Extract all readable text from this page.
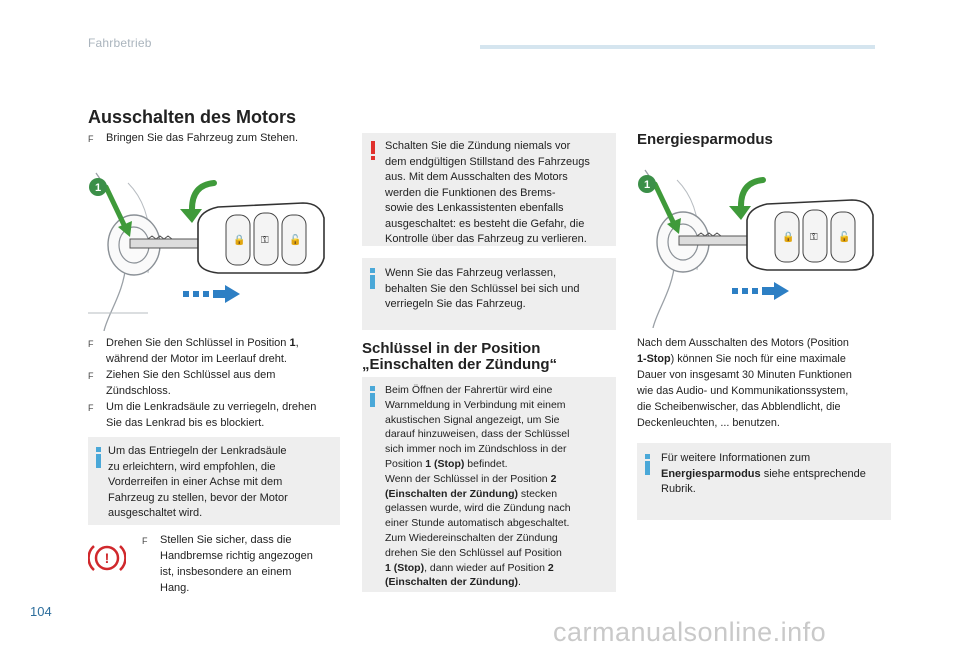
Fahrbetrieb
Ausschalten des Motors
F	Bringen Sie das Fahrzeug zum Stehen.
🔒 ⚿ 🔓
1
F	Drehen Sie den Schlüssel in Position 1,
während der Motor im Leerlauf dreht.
F	Ziehen Sie den Schlüssel aus dem
Zündschloss.
F	Um die Lenkradsäule zu verriegeln, drehen
Sie das Lenkrad bis es blockiert.
Um das Entriegeln der Lenkradsäule
zu erleichtern, wird empfohlen, die
Vorderreifen in einer Achse mit dem
Fahrzeug zu stellen, bevor der Motor
ausgeschaltet wird.
!
F	Stellen Sie sicher, dass die
Handbremse richtig angezogen
ist, insbesondere an einem
Hang.
Schalten Sie die Zündung niemals vor
dem endgültigen Stillstand des Fahrzeugs
aus. Mit dem Ausschalten des Motors
werden die Funktionen des Brems-
sowie des Lenkassistenten ebenfalls
ausgeschaltet: es besteht die Gefahr, die
Kontrolle über das Fahrzeug zu verlieren.
Wenn Sie das Fahrzeug verlassen,
behalten Sie den Schlüssel bei sich und
verriegeln Sie das Fahrzeug.
Schlüssel in der Position
„Einschalten der Zündung“
Beim Öffnen der Fahrertür wird eine
Warnmeldung in Verbindung mit einem
akustischen Signal angezeigt, um Sie
darauf hinzuweisen, dass der Schlüssel
sich immer noch im Zündschloss in der
Position 1 (Stop) befindet.
Wenn der Schlüssel in der Position 2
(Einschalten der Zündung) stecken
gelassen wurde, wird die Zündung nach
einer Stunde automatisch abgeschaltet.
Zum Wiedereinschalten der Zündung
drehen Sie den Schlüssel auf Position
1 (Stop), dann wieder auf Position 2
(Einschalten der Zündung).
Energiesparmodus
🔒 ⚿ 🔓
1
Nach dem Ausschalten des Motors (Position
1-Stop) können Sie noch für eine maximale
Dauer von insgesamt 30 Minuten Funktionen
wie das Audio- und Kommunikationssystem,
die Scheibenwischer, das Abblendlicht, die
Deckenleuchten, ... benutzen.
Für weitere Informationen zum
Energiesparmodus siehe entsprechende
Rubrik.
104
carmanualsonline.info
